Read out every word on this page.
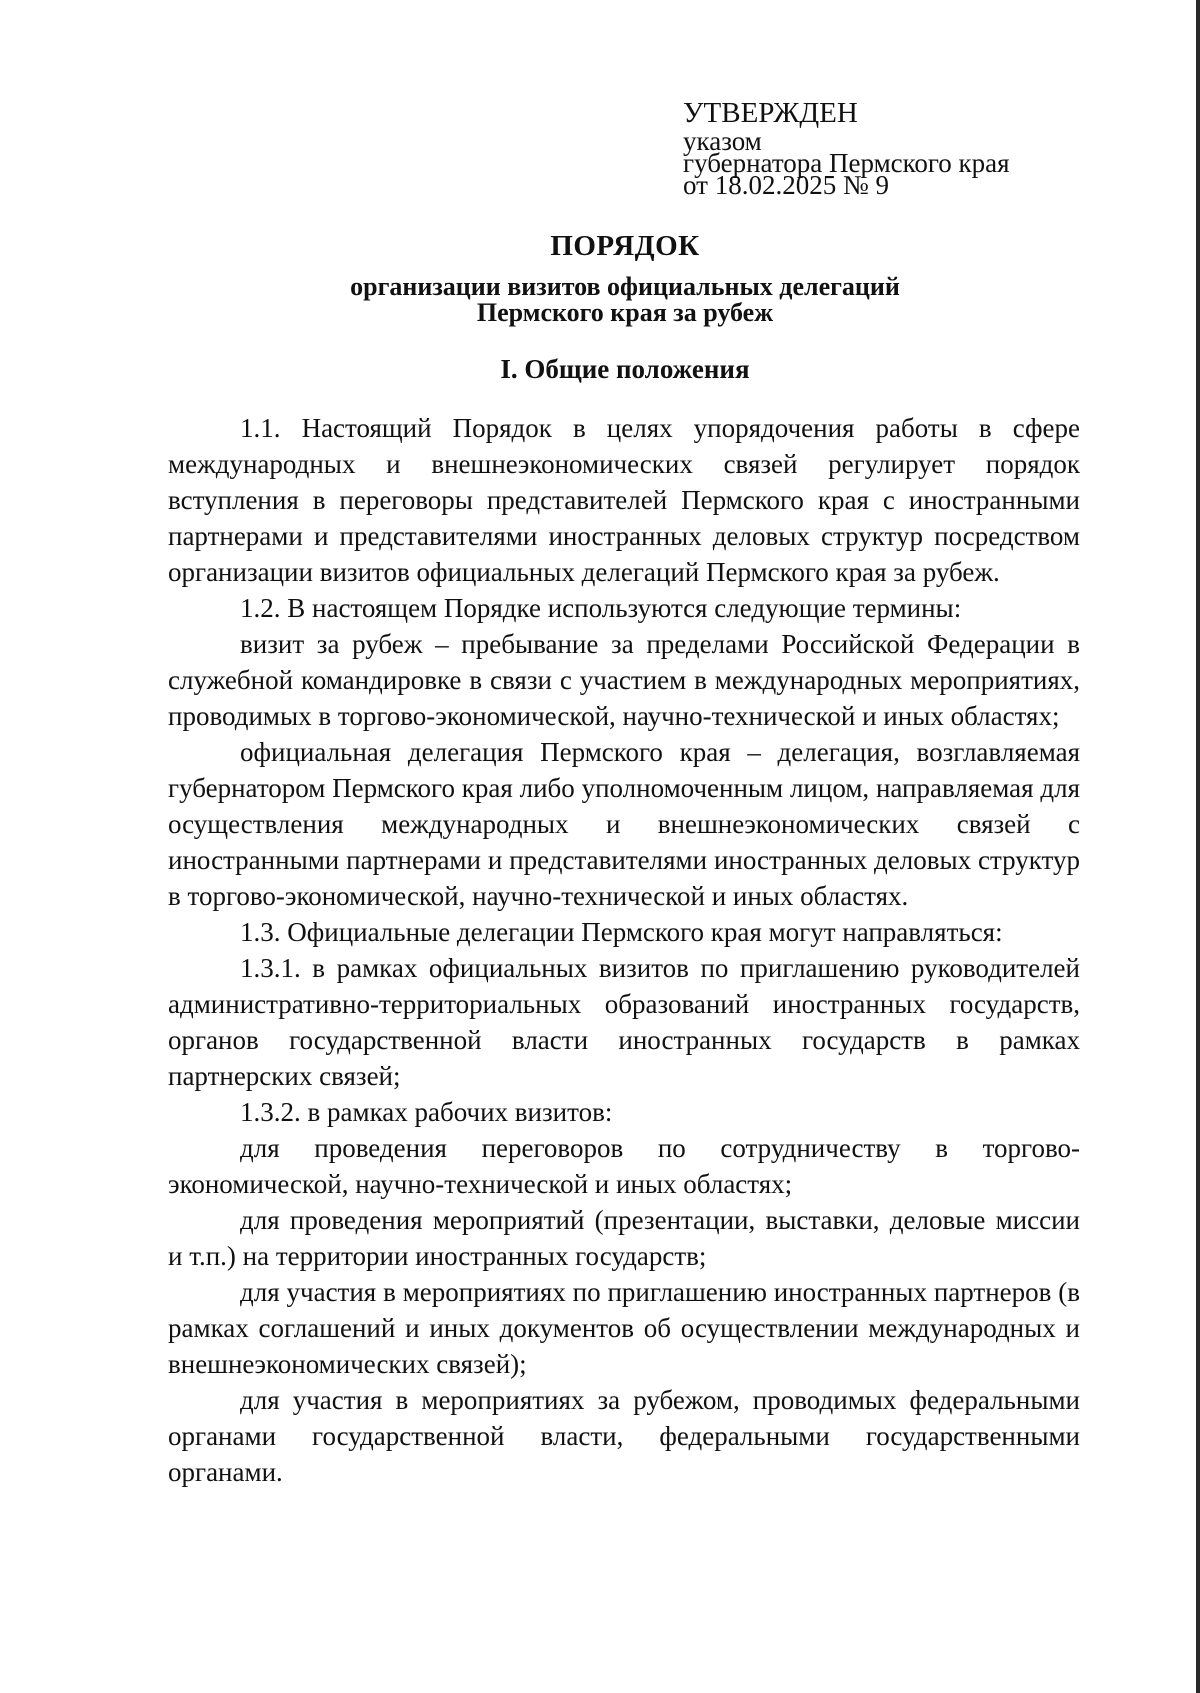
УТВЕРЖДЕН
указом
губернатора Пермского края
от 18.02.2025 № 9
ПОРЯДОК
организации визитов официальных делегаций
Пермского края за рубеж
I. Общие положения

1.1. Настоящий Порядок в целях упорядочения работы в сфере международных и внешнеэкономических связей регулирует порядок вступления в переговоры представителей Пермского края с иностранными партнерами и представителями иностранных деловых структур посредством организации визитов официальных делегаций Пермского края за рубеж.

1.2. В настоящем Порядке используются следующие термины:

визит за рубеж – пребывание за пределами Российской Федерации в служебной командировке в связи с участием в международных мероприятиях, проводимых в торгово-экономической, научно-технической и иных областях;

официальная делегация Пермского края – делегация, возглавляемая губернатором Пермского края либо уполномоченным лицом, направляемая для осуществления международных и внешнеэкономических связей с иностранными партнерами и представителями иностранных деловых структур в торгово-экономической, научно-технической и иных областях.

1.3. Официальные делегации Пермского края могут направляться:

1.3.1. в рамках официальных визитов по приглашению руководителей административно-территориальных образований иностранных государств, органов государственной власти иностранных государств в рамках партнерских связей;

1.3.2. в рамках рабочих визитов:

для проведения переговоров по сотрудничеству в торгово-экономической, научно-технической и иных областях;

для проведения мероприятий (презентации, выставки, деловые миссии и т.п.) на территории иностранных государств;

для участия в мероприятиях по приглашению иностранных партнеров (в рамках соглашений и иных документов об осуществлении международных и внешнеэкономических связей);

для участия в мероприятиях за рубежом, проводимых федеральными органами государственной власти, федеральными государственными органами.
